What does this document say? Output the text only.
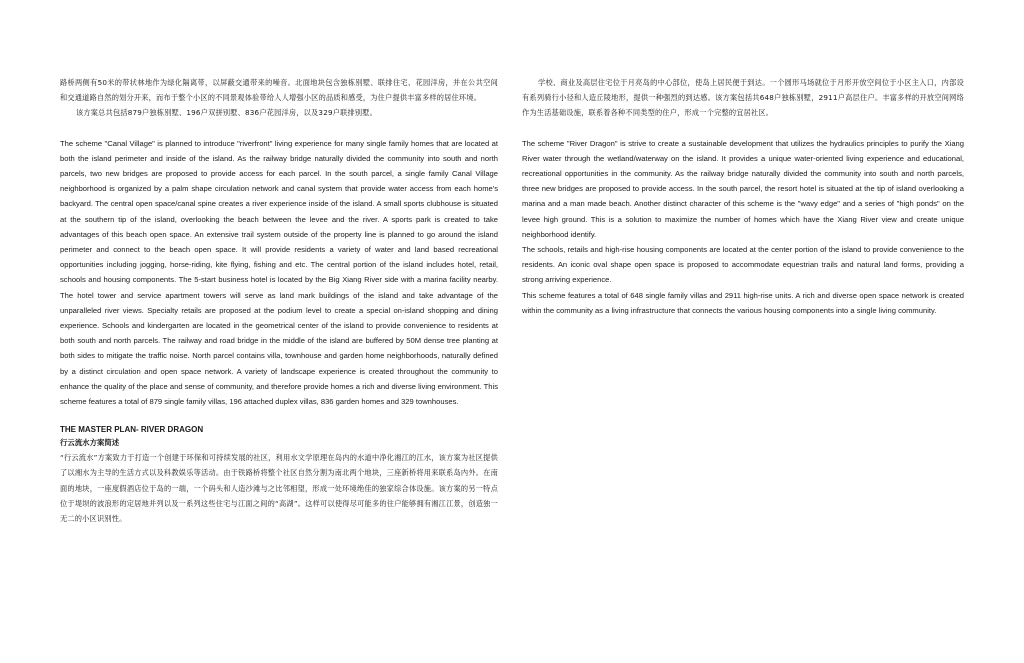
路桥两侧有50米的带状林地作为绿化隔离带，以屏蔽交通带来的噪音。北面地块包含独栋别墅、联排住宅、花园洋房，并在公共空间和交通道路自然的划分开来，而布于整个小区的不同景观体验带给人人增强小区的品质和感受，为住户提供丰富多样的居住环境。

该方案总共包括879户独栋别墅、196户双拼别墅、836户花园洋房，以及329户联排别墅。

The scheme "Canal Village" is planned to introduce "riverfront" living experience for many single family homes that are located at both the island perimeter and inside of the island. As the railway bridge naturally divided the community into south and north parcels, two new bridges are proposed to provide access for each parcel. In the south parcel, a single family Canal Village neighborhood is organized by a palm shape circulation network and canal system that provide water access from each home's backyard. The central open space/canal spine creates a river experience inside of the island. A small sports clubhouse is situated at the southern tip of the island, overlooking the beach between the levee and the river. A sports park is created to take advantages of this beach open space. An extensive trail system outside of the property line is planned to go around the island perimeter and connect to the beach open space. It will provide residents a variety of water and land based recreational opportunities including jogging, horse-riding, kite flying, fishing and etc. The central portion of the island includes hotel, retail, schools and housing components. The 5-start business hotel is located by the Big Xiang River side with a marina facility nearby. The hotel tower and service apartment towers will serve as land mark buildings of the island and take advantage of the unparalleled river views. Specialty retails are proposed at the podium level to create a special on-island shopping and dining experience. Schools and kindergarten are located in the geometrical center of the island to provide convenience to residents at both south and north parcels. The railway and road bridge in the middle of the island are buffered by 50M dense tree planting at both sides to mitigate the traffic noise. North parcel contains villa, townhouse and garden home neighborhoods, naturally defined by a distinct circulation and open space network. A variety of landscape experience is created throughout the community to enhance the quality of the place and sense of community, and therefore provide homes a rich and diverse living environment. This scheme features a total of 879 single family villas, 196 attached duplex villas, 836 garden homes and 329 townhouses.

THE MASTER PLAN- RIVER DRAGON
行云流水方案简述

“行云流水”方案致力于打造一个创建于环保和可持续发展的社区，利用水文学原理在岛内的水道中净化湘江的江水，该方案为社区提供了以湘水为主导的生活方式以及科教娱乐等活动。由于铁路桥将整个社区自然分割为南北两个地块，三座新桥将用来联系岛内外。在南面的地块，一座度假酒店位于岛的一端，一个码头和人造沙滩与之比邻相望，形成一处环境绝佳的独家综合体设施。该方案的另一特点位于堤坝的波浪形的定居地并列以及一系列这些住宅与江面之间的“高湖”。这样可以使得尽可能多的住户能够拥有湘江江景，创造独一无二的小区识别性。

学校、商业及高层住宅位于月亮岛的中心部位，使岛上居民便于到达。一个圆形马场就位于月形开放空间位于小区主入口，内部设有系列骑行小径和人造丘陵地形，提供一种强烈的到达感。该方案包括共648户独栋别墅，2911户高层住户。丰富多样的开放空间网络作为生活基础设施，联系着各种不同类型的住户，形成一个完整的宜居社区。

The scheme "River Dragon" is strive to create a sustainable development that utilizes the hydraulics principles to purify the Xiang River water through the wetland/waterway on the island. It provides a unique water-oriented living experience and educational, recreational opportunities in the community. As the railway bridge naturally divided the community into south and north parcels, three new bridges are proposed to provide access. In the south parcel, the resort hotel is situated at the tip of island overlooking a marina and a man made beach. Another distinct character of this scheme is the "wavy edge" and a series of "high ponds" on the levee high ground. This is a solution to maximize the number of homes which have the Xiang River view and create unique neighborhood identify.

The schools, retails and high-rise housing components are located at the center portion of the island to provide convenience to the residents. An iconic oval shape open space is proposed to accommodate equestrian trails and natural land forms, providing a strong arriving experience.

This scheme features a total of 648 single family villas and 2911 high-rise units. A rich and diverse open space network is created within the community as a living infrastructure that connects the various housing components into a single living community.
